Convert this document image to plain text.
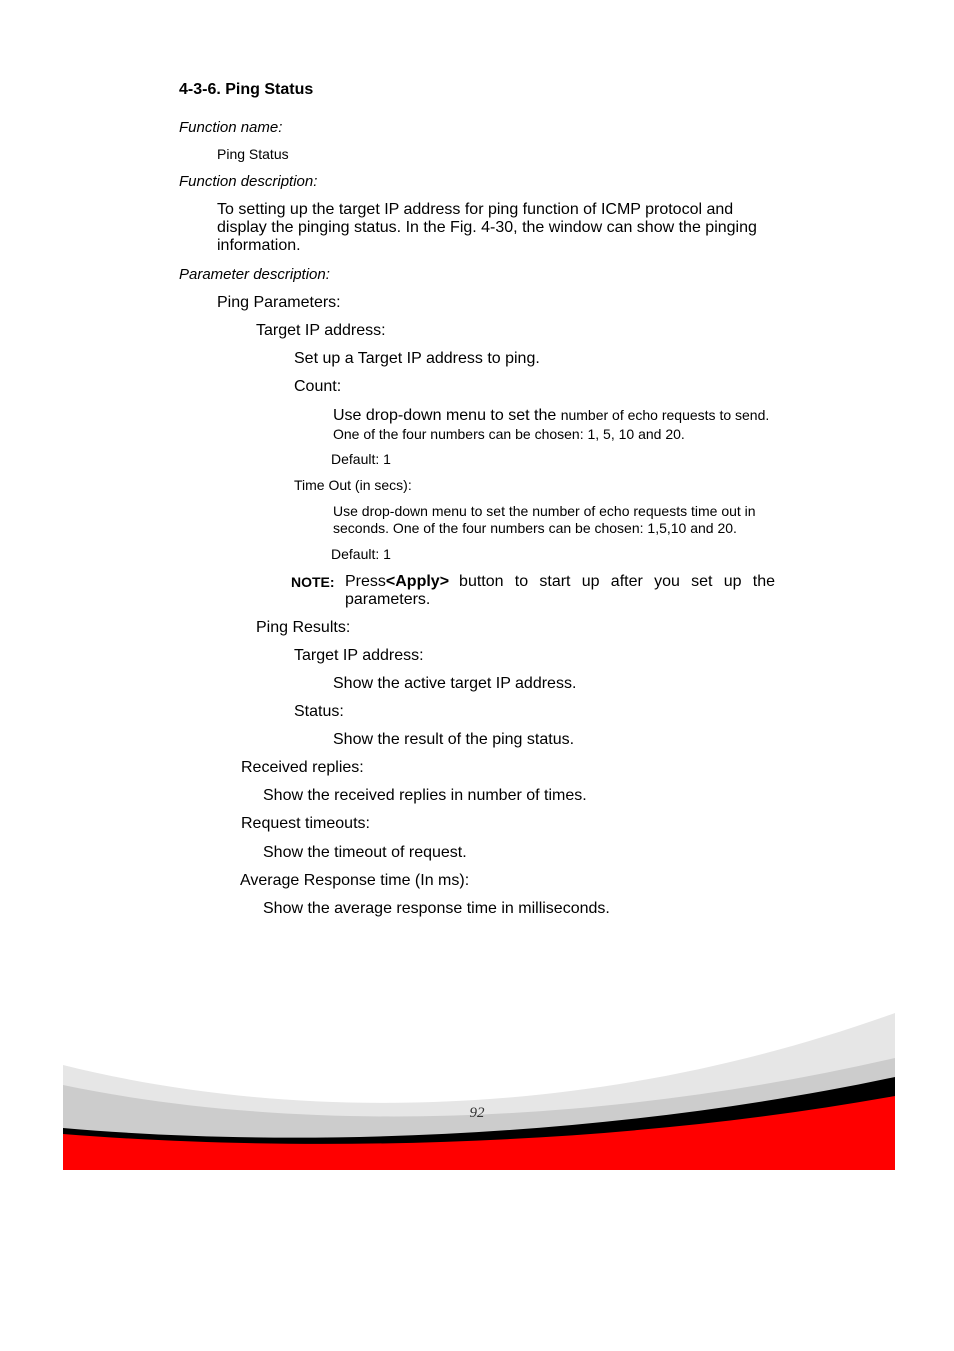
4-3-6. Ping Status
Function name:
Ping Status
Function description:
To setting up the target IP address for ping function of ICMP protocol and
display the pinging status. In the Fig. 4-30, the window can show the pinging
information.
Parameter description:
Ping Parameters:
Target IP address:
Set up a Target IP address to ping.
Count:
Use drop-down menu to set the number of echo requests to send.
One of the four numbers can be chosen: 1, 5, 10 and 20.
Default: 1
Time Out (in secs):
Use drop-down menu to set the number of echo requests time out in
seconds. One of the four numbers can be chosen: 1,5,10 and 20.
Default: 1
NOTE: Press <Apply> button to start up after you set up the
parameters.
Ping Results:
Target IP address:
Show the active target IP address.
Status:
Show the result of the ping status.
Received replies:
Show the received replies in number of times.
Request timeouts:
Show the timeout of request.
Average Response time (In ms):
Show the average response time in milliseconds.
92
